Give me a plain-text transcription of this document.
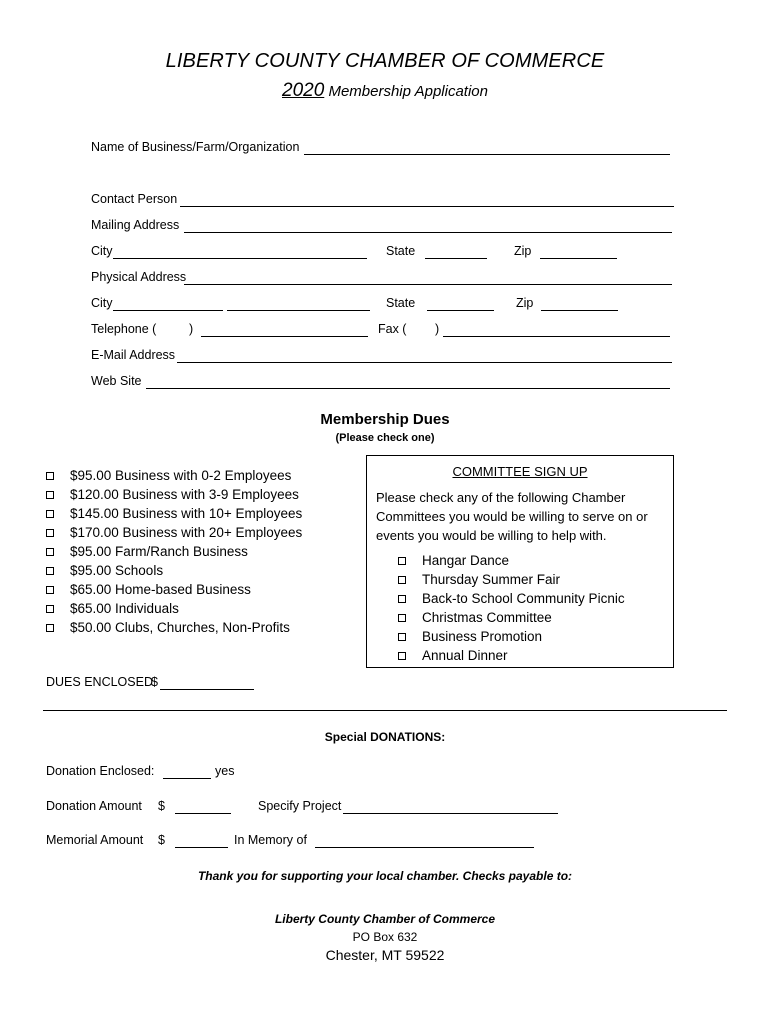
LIBERTY COUNTY CHAMBER OF COMMERCE
2020 Membership Application
Name of Business/Farm/Organization
Contact Person
Mailing Address
City	State	Zip
Physical Address
City	State	Zip
Telephone (	)	Fax ( )
E-Mail Address
Web Site
Membership Dues
(Please check one)
$95.00 Business with 0-2 Employees
$120.00 Business with 3-9 Employees
$145.00 Business with 10+ Employees
$170.00 Business with 20+ Employees
$95.00 Farm/Ranch Business
$95.00 Schools
$65.00 Home-based Business
$65.00 Individuals
$50.00 Clubs, Churches, Non-Profits
COMMITTEE SIGN UP
Please check any of the following Chamber Committees you would be willing to serve on or events you would be willing to help with.
Hangar Dance
Thursday Summer Fair
Back-to School Community Picnic
Christmas Committee
Business Promotion
Annual Dinner
DUES ENCLOSED
$
Special DONATIONS:
Donation Enclosed:	yes
Donation Amount $	Specify Project
Memorial Amount $	In Memory of
Thank you for supporting your local chamber. Checks payable to:
Liberty County Chamber of Commerce
PO Box 632
Chester, MT 59522
